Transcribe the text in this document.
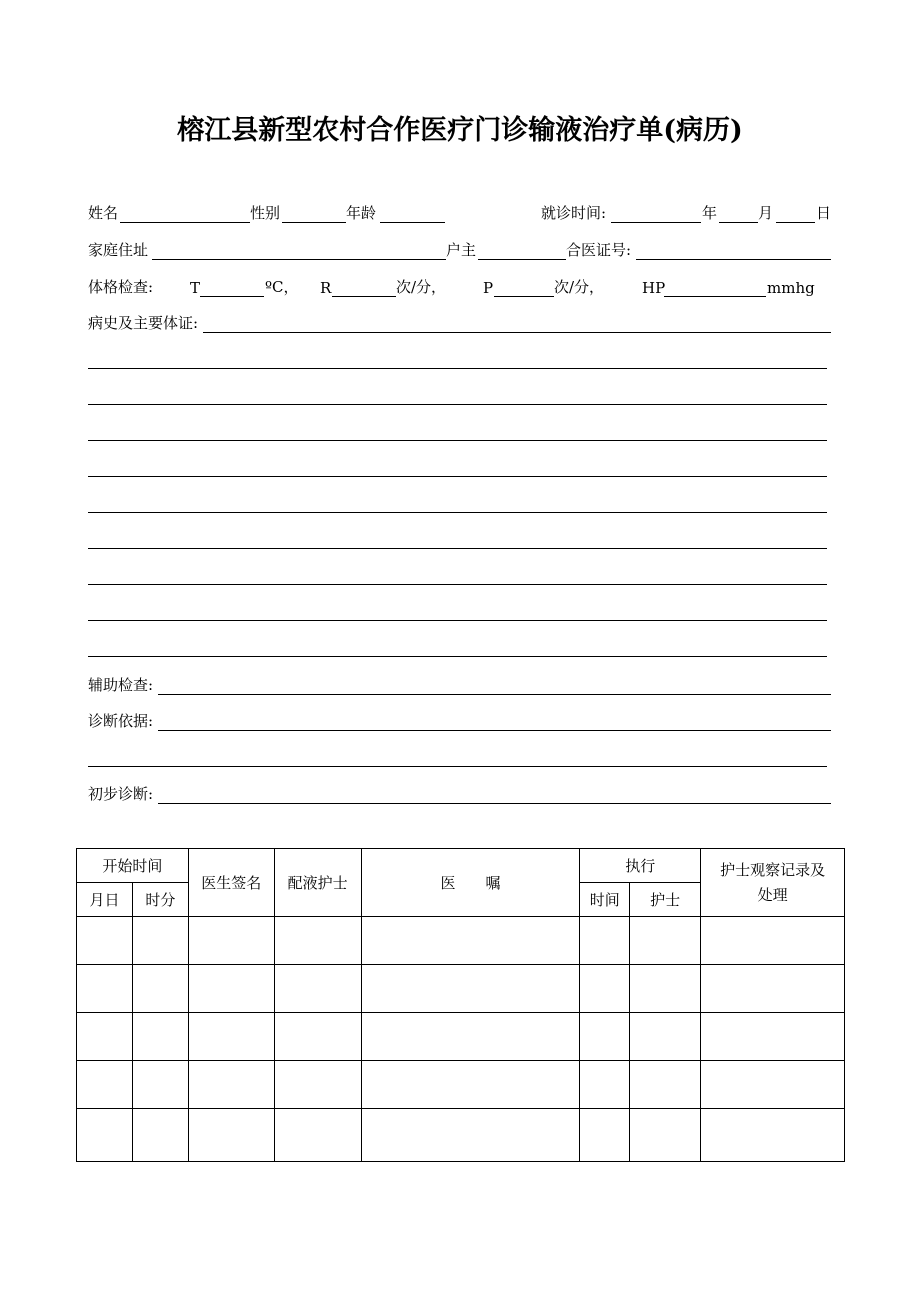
榕江县新型农村合作医疗门诊输液治疗单(病历)
姓名	性别	年龄	就诊时间:	年	月	日
家庭住址	户主	合医证号:
体格检查: T	ºC， R	次/分， P	次/分，	HP	mmhg
病史及主要体证:
辅助检查:
诊断依据:
初步诊断:
开始时间		医生签名	配液护士	医　　嘱	执行		护士观察记录及处理
月日	时分				时间	护士	
